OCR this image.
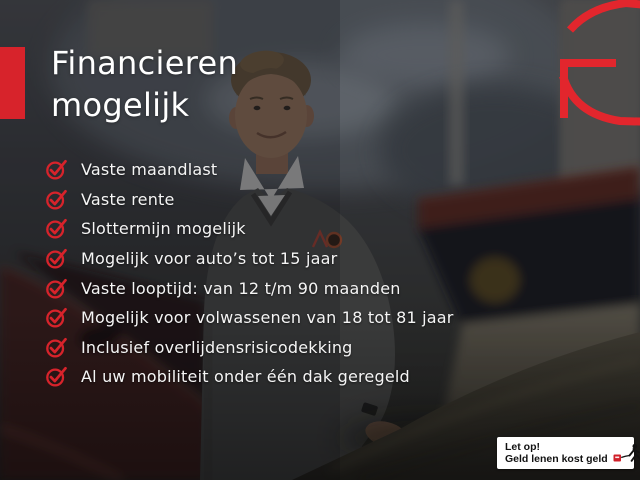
Financieren
mogelijk
Vaste maandlast
Vaste rente
Slottermijn mogelijk
Mogelijk voor auto’s tot 15 jaar
Vaste looptijd: van 12 t/m 90 maanden
Mogelijk voor volwassenen van 18 tot 81 jaar
Inclusief overlijdensrisicodekking
Al uw mobiliteit onder één dak geregeld
Let op!
Geld lenen kost geld
